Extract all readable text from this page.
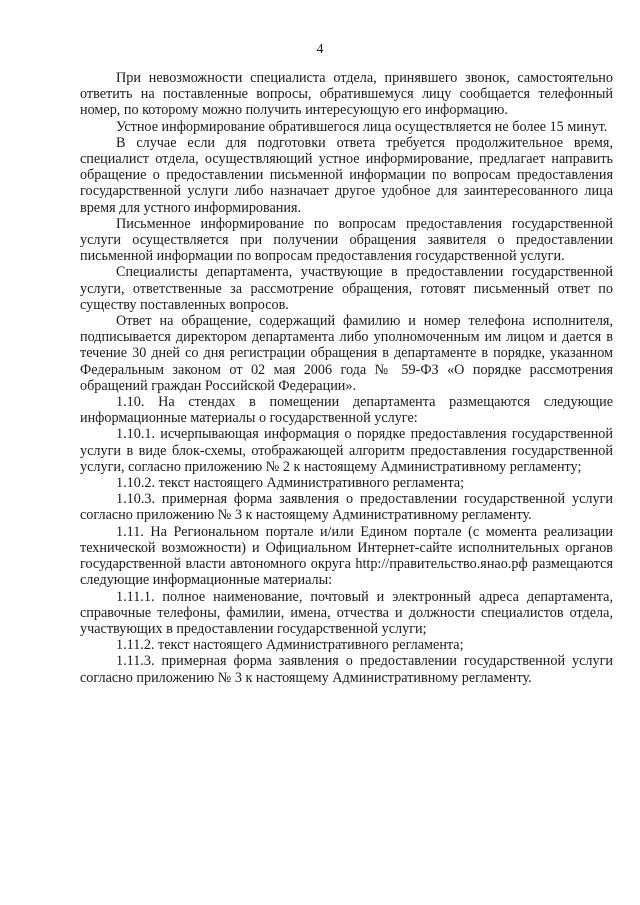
4

При невозможности специалиста отдела, принявшего звонок, самостоятельно ответить на поставленные вопросы, обратившемуся лицу сообщается телефонный номер, по которому можно получить интересующую его информацию.

Устное информирование обратившегося лица осуществляется не более 15 минут.

В случае если для подготовки ответа требуется продолжительное время, специалист отдела, осуществляющий устное информирование, предлагает направить обращение о предоставлении письменной информации по вопросам предоставления государственной услуги либо назначает другое удобное для заинтересованного лица время для устного информирования.

Письменное информирование по вопросам предоставления государственной услуги осуществляется при получении обращения заявителя о предоставлении письменной информации по вопросам предоставления государственной услуги.

Специалисты департамента, участвующие в предоставлении государственной услуги, ответственные за рассмотрение обращения, готовят письменный ответ по существу поставленных вопросов.

Ответ на обращение, содержащий фамилию и номер телефона исполнителя, подписывается директором департамента либо уполномоченным им лицом и дается в течение 30 дней со дня регистрации обращения в департаменте в порядке, указанном Федеральным законом от 02 мая 2006 года № 59-ФЗ «О порядке рассмотрения обращений граждан Российской Федерации».

1.10. На стендах в помещении департамента размещаются следующие информационные материалы о государственной услуге:

1.10.1. исчерпывающая информация о порядке предоставления государственной услуги в виде блок-схемы, отображающей алгоритм предоставления государственной услуги, согласно приложению № 2 к настоящему Административному регламенту;

1.10.2. текст настоящего Административного регламента;

1.10.3. примерная форма заявления о предоставлении государственной услуги согласно приложению № 3 к настоящему Административному регламенту.

1.11. На Региональном портале и/или Едином портале (с момента реализации технической возможности) и Официальном Интернет-сайте исполнительных органов государственной власти автономного округа http://правительство.янао.рф размещаются следующие информационные материалы:

1.11.1. полное наименование, почтовый и электронный адреса департамента, справочные телефоны, фамилии, имена, отчества и должности специалистов отдела, участвующих в предоставлении государственной услуги;

1.11.2. текст настоящего Административного регламента;

1.11.3. примерная форма заявления о предоставлении государственной услуги согласно приложению № 3 к настоящему Административному регламенту.
